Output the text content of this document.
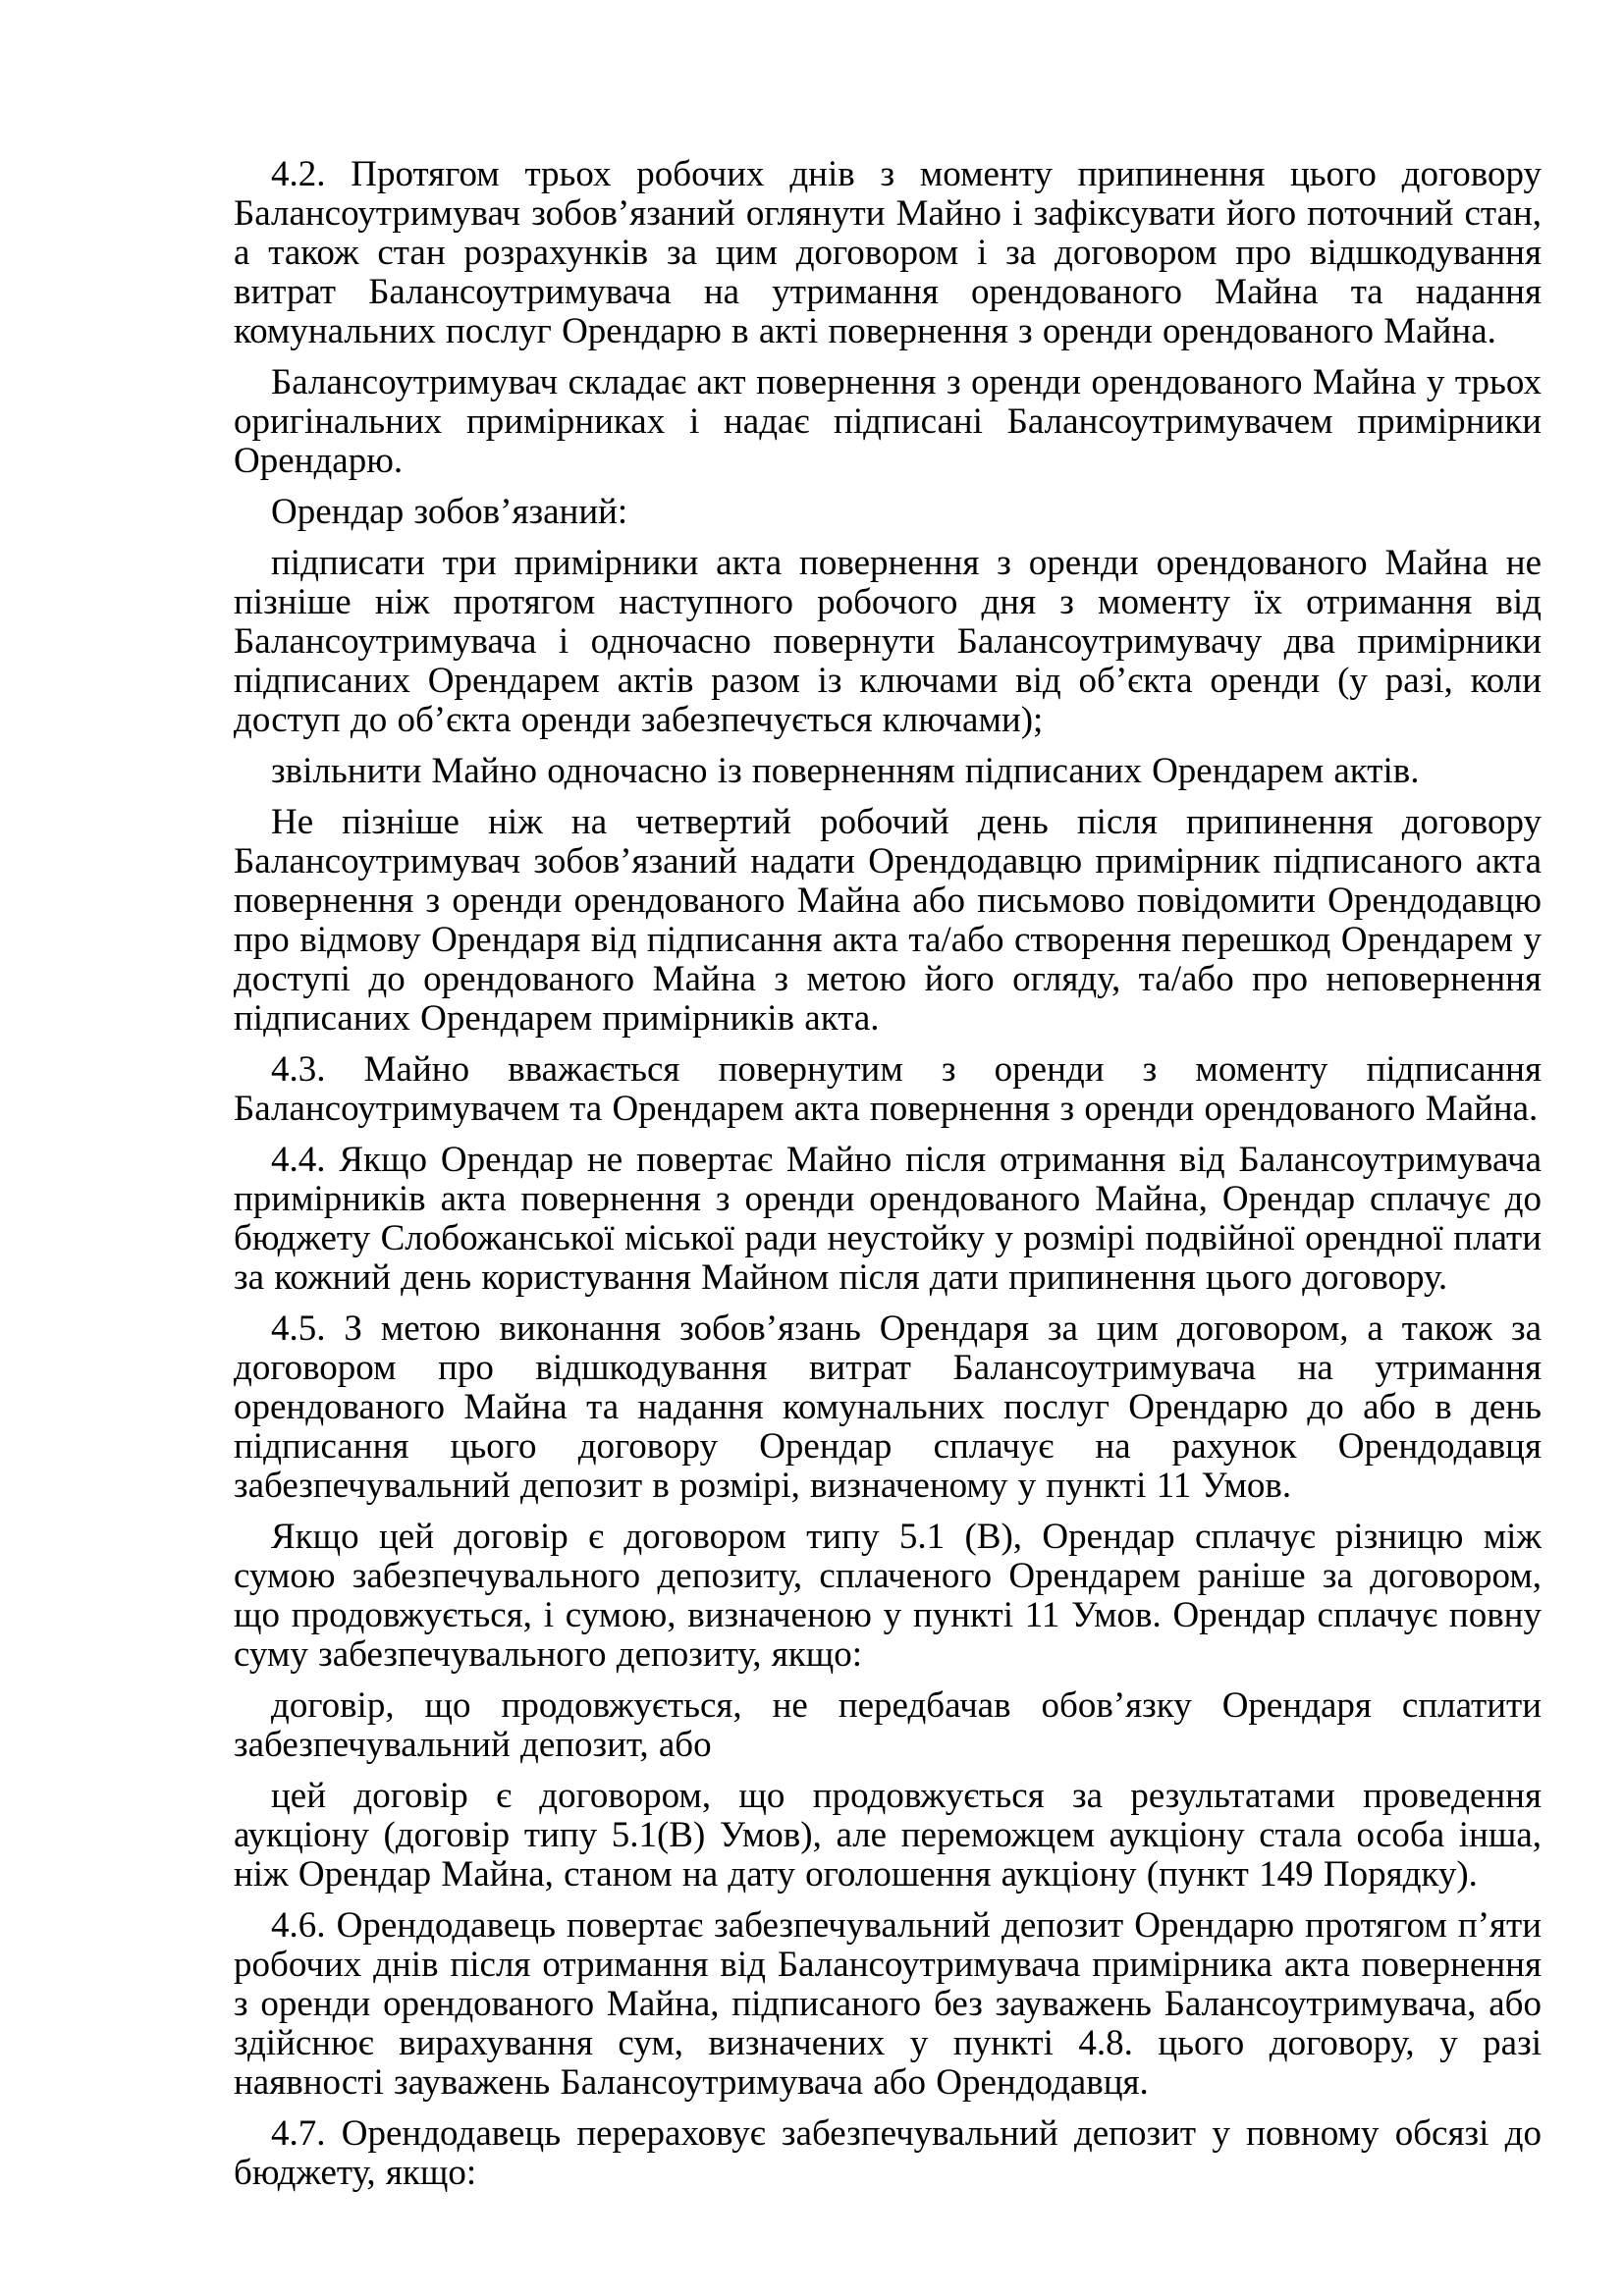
4.2. Протягом трьох робочих днів з моменту припинення цього договору Балансоутримувач зобов’язаний оглянути Майно і зафіксувати його поточний стан, а також стан розрахунків за цим договором і за договором про відшкодування витрат Балансоутримувача на утримання орендованого Майна та надання комунальних послуг Орендарю в акті повернення з оренди орендованого Майна.

Балансоутримувач складає акт повернення з оренди орендованого Майна у трьох оригінальних примірниках і надає підписані Балансоутримувачем примірники Орендарю.

Орендар зобов’язаний:

підписати три примірники акта повернення з оренди орендованого Майна не пізніше ніж протягом наступного робочого дня з моменту їх отримання від Балансоутримувача і одночасно повернути Балансоутримувачу два примірники підписаних Орендарем актів разом із ключами від об’єкта оренди (у разі, коли доступ до об’єкта оренди забезпечується ключами);

звільнити Майно одночасно із поверненням підписаних Орендарем актів.

Не пізніше ніж на четвертий робочий день після припинення договору Балансоутримувач зобов’язаний надати Орендодавцю примірник підписаного акта повернення з оренди орендованого Майна або письмово повідомити Орендодавцю про відмову Орендаря від підписання акта та/або створення перешкод Орендарем у доступі до орендованого Майна з метою його огляду, та/або про неповернення підписаних Орендарем примірників акта.

4.3. Майно вважається повернутим з оренди з моменту підписання Балансоутримувачем та Орендарем акта повернення з оренди орендованого Майна.

4.4. Якщо Орендар не повертає Майно після отримання від Балансоутримувача примірників акта повернення з оренди орендованого Майна, Орендар сплачує до бюджету Слобожанської міської ради неустойку у розмірі подвійної орендної плати за кожний день користування Майном після дати припинення цього договору.

4.5. З метою виконання зобов’язань Орендаря за цим договором, а також за договором про відшкодування витрат Балансоутримувача на утримання орендованого Майна та надання комунальних послуг Орендарю до або в день підписання цього договору Орендар сплачує на рахунок Орендодавця забезпечувальний депозит в розмірі, визначеному у пункті 11 Умов.

Якщо цей договір є договором типу 5.1 (В), Орендар сплачує різницю між сумою забезпечувального депозиту, сплаченого Орендарем раніше за договором, що продовжується, і сумою, визначеною у пункті 11 Умов. Орендар сплачує повну суму забезпечувального депозиту, якщо:

договір, що продовжується, не передбачав обов’язку Орендаря сплатити забезпечувальний депозит, або

цей договір є договором, що продовжується за результатами проведення аукціону (договір типу 5.1(В) Умов), але переможцем аукціону стала особа інша, ніж Орендар Майна, станом на дату оголошення аукціону (пункт 149 Порядку).

4.6. Орендодавець повертає забезпечувальний депозит Орендарю протягом п’яти робочих днів після отримання від Балансоутримувача примірника акта повернення з оренди орендованого Майна, підписаного без зауважень Балансоутримувача, або здійснює вирахування сум, визначених у пункті 4.8. цього договору, у разі наявності зауважень Балансоутримувача або Орендодавця.

4.7. Орендодавець перераховує забезпечувальний депозит у повному обсязі до бюджету, якщо:
